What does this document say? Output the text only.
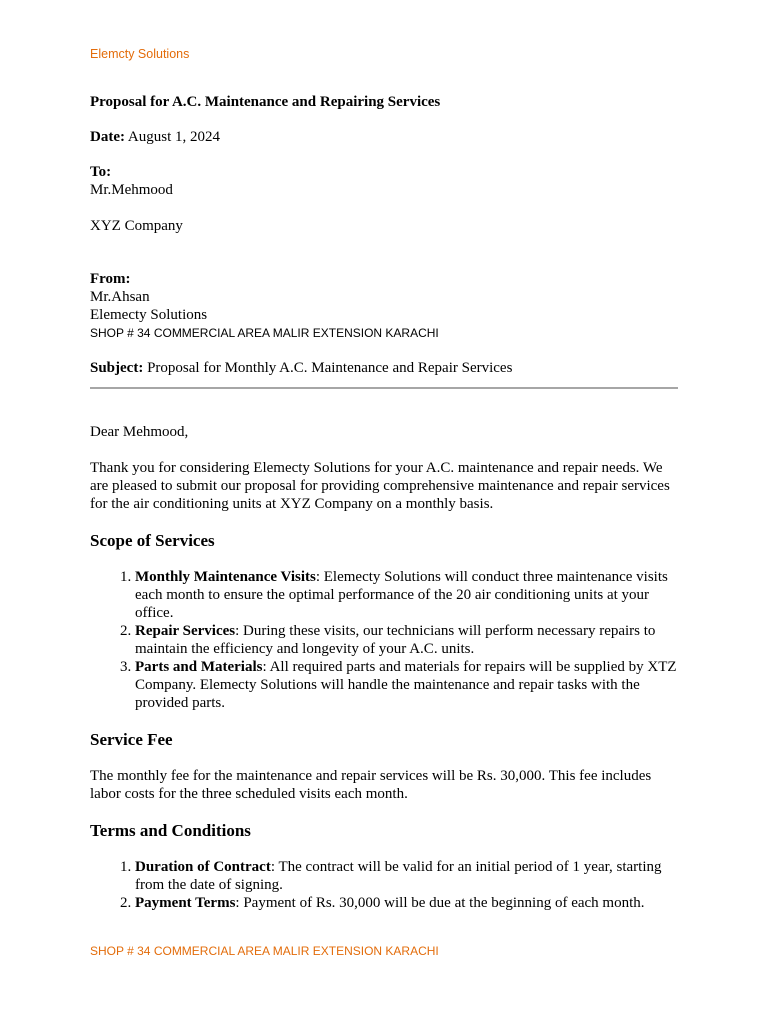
Elemcty Solutions

Proposal for A.C. Maintenance and Repairing Services

Date: August 1, 2024

To:

Mr.Mehmood

XYZ Company

From:

Mr.Ahsan

Elemecty Solutions

SHOP # 34 COMMERCIAL AREA MALIR EXTENSION KARACHI

Subject: Proposal for Monthly A.C. Maintenance and Repair Services

Dear Mehmood,

Thank you for considering Elemecty Solutions for your A.C. maintenance and repair needs. We are pleased to submit our proposal for providing comprehensive maintenance and repair services for the air conditioning units at XYZ Company on a monthly basis.

Scope of Services
1. Monthly Maintenance Visits: Elemecty Solutions will conduct three maintenance visits each month to ensure the optimal performance of the 20 air conditioning units at your office.
2. Repair Services: During these visits, our technicians will perform necessary repairs to maintain the efficiency and longevity of your A.C. units.
3. Parts and Materials: All required parts and materials for repairs will be supplied by XTZ Company. Elemecty Solutions will handle the maintenance and repair tasks with the provided parts.
Service Fee

The monthly fee for the maintenance and repair services will be Rs. 30,000. This fee includes labor costs for the three scheduled visits each month.

Terms and Conditions
1. Duration of Contract: The contract will be valid for an initial period of 1 year, starting from the date of signing.
2. Payment Terms: Payment of Rs. 30,000 will be due at the beginning of each month.
SHOP # 34 COMMERCIAL AREA MALIR EXTENSION KARACHI
